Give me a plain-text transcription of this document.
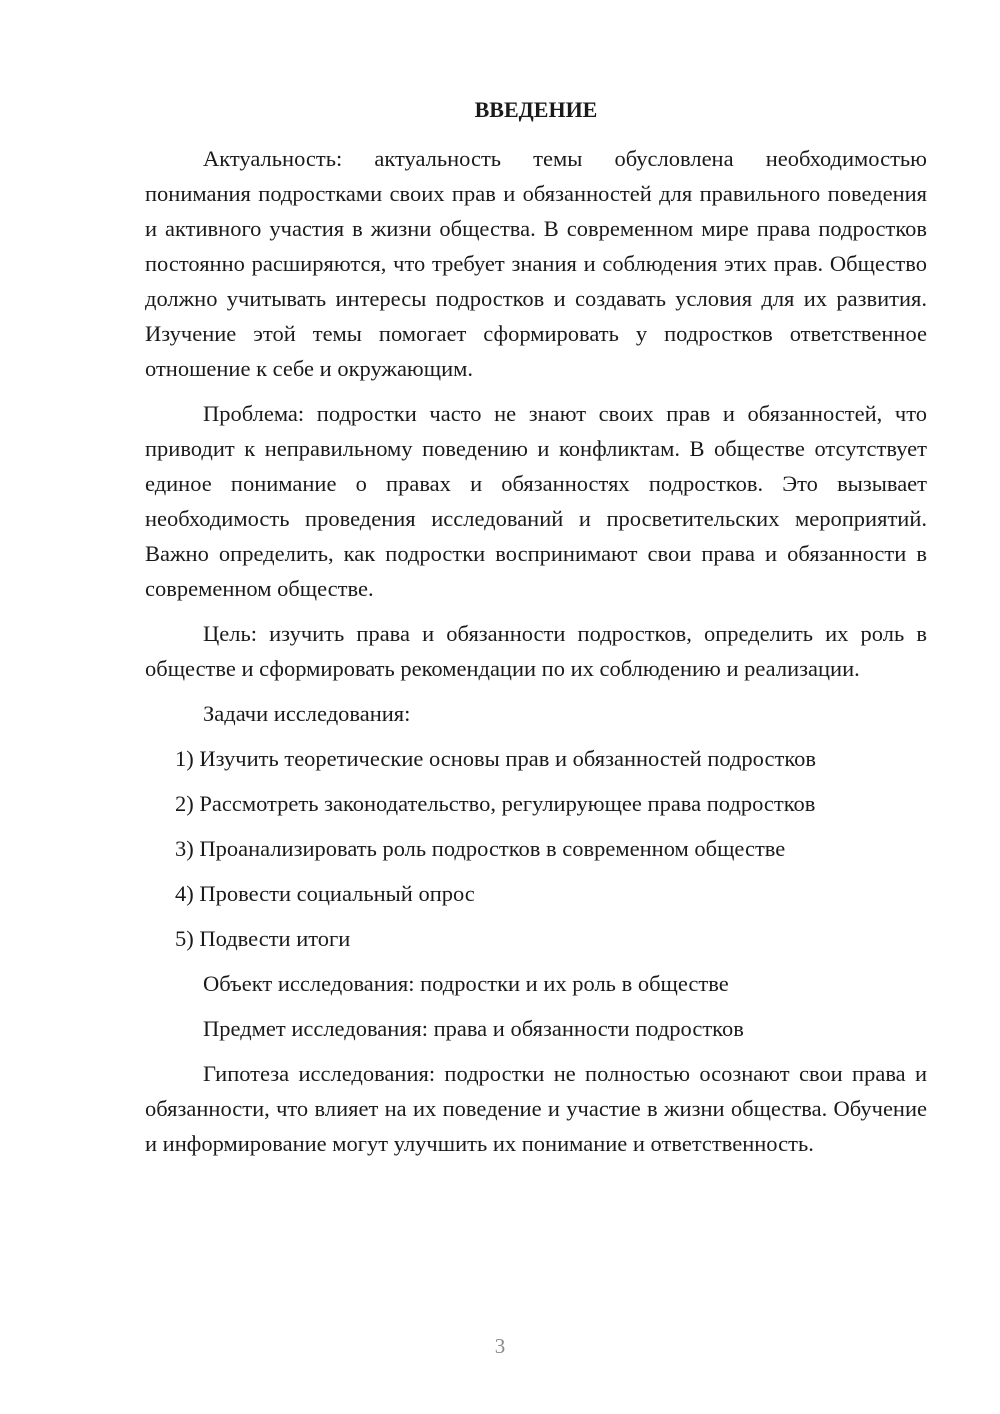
ВВЕДЕНИЕ

Актуальность: актуальность темы обусловлена необходимостью понимания подростками своих прав и обязанностей для правильного поведения и активного участия в жизни общества. В современном мире права подростков постоянно расширяются, что требует знания и соблюдения этих прав. Общество должно учитывать интересы подростков и создавать условия для их развития. Изучение этой темы помогает сформировать у подростков ответственное отношение к себе и окружающим.

Проблема: подростки часто не знают своих прав и обязанностей, что приводит к неправильному поведению и конфликтам. В обществе отсутствует единое понимание о правах и обязанностях подростков. Это вызывает необходимость проведения исследований и просветительских мероприятий. Важно определить, как подростки воспринимают свои права и обязанности в современном обществе.

Цель: изучить права и обязанности подростков, определить их роль в обществе и сформировать рекомендации по их соблюдению и реализации.

Задачи исследования:
1) Изучить теоретические основы прав и обязанностей подростков
2) Рассмотреть законодательство, регулирующее права подростков
3) Проанализировать роль подростков в современном обществе
4) Провести социальный опрос
5) Подвести итоги
Объект исследования: подростки и их роль в обществе
Предмет исследования: права и обязанности подростков

Гипотеза исследования: подростки не полностью осознают свои права и обязанности, что влияет на их поведение и участие в жизни общества. Обучение и информирование могут улучшить их понимание и ответственность.

3
